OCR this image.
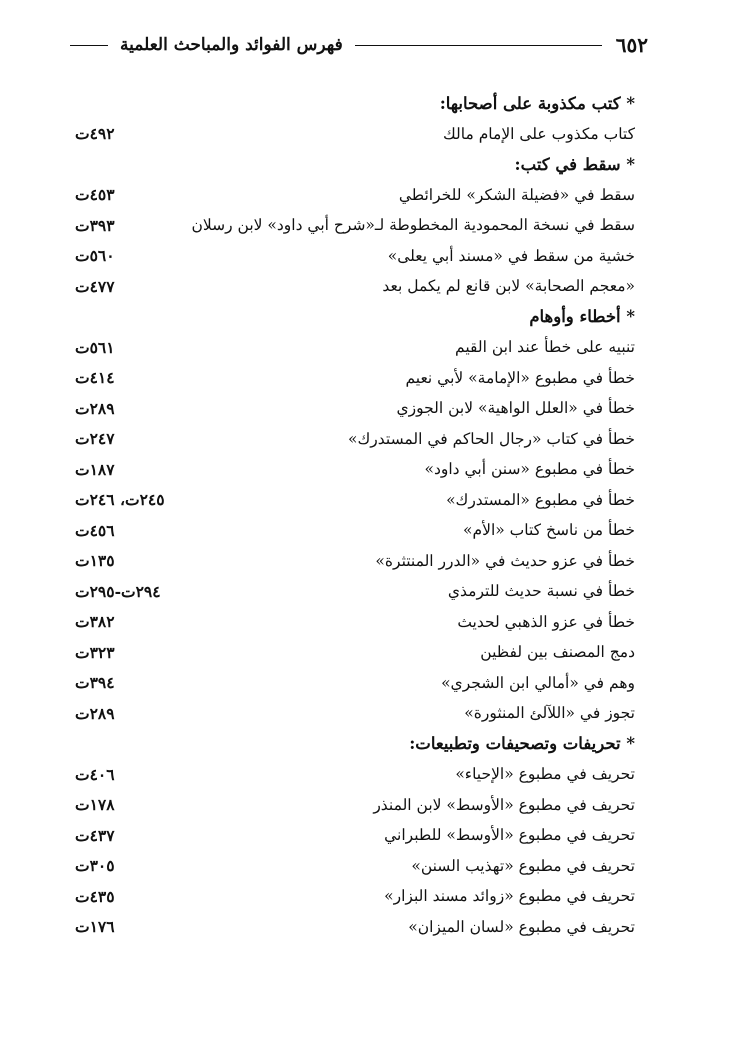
٦٥٢
فهرس الفوائد والمباحث العلمية
* كتب مكذوبة على أصحابها:
كتاب مكذوب على الإمام مالك
٤٩٢ت
* سقط في كتب:
سقط في «فضيلة الشكر» للخرائطي
٤٥٣ت
سقط في نسخة المحمودية المخطوطة لـ«شرح أبي داود» لابن رسلان
٣٩٣ت
خشية من سقط في «مسند أبي يعلى»
٥٦٠ت
«معجم الصحابة» لابن قانع لم يكمل بعد
٤٧٧ت
* أخطاء وأوهام
تنبيه على خطأ عند ابن القيم
٥٦١ت
خطأ في مطبوع «الإمامة» لأبي نعيم
٤١٤ت
خطأ في «العلل الواهية» لابن الجوزي
٢٨٩ت
خطأ في كتاب «رجال الحاكم في المستدرك»
٢٤٧ت
خطأ في مطبوع «سنن أبي داود»
١٨٧ت
خطأ في مطبوع «المستدرك»
٢٤٥ت، ٢٤٦ت
خطأ من ناسخ كتاب «الأم»
٤٥٦ت
خطأ في عزو حديث في «الدرر المنتثرة»
١٣٥ت
خطأ في نسبة حديث للترمذي
٢٩٤ت-٢٩٥ت
خطأ في عزو الذهبي لحديث
٣٨٢ت
دمج المصنف بين لفظين
٣٢٣ت
وهم في «أمالي ابن الشجري»
٣٩٤ت
تجوز في «اللآلئ المنثورة»
٢٨٩ت
* تحريفات وتصحيفات وتطبيعات:
تحريف في مطبوع «الإحياء»
٤٠٦ت
تحريف في مطبوع «الأوسط» لابن المنذر
١٧٨ت
تحريف في مطبوع «الأوسط» للطبراني
٤٣٧ت
تحريف في مطبوع «تهذيب السنن»
٣٠٥ت
تحريف في مطبوع «زوائد مسند البزار»
٤٣٥ت
تحريف في مطبوع «لسان الميزان»
١٧٦ت
